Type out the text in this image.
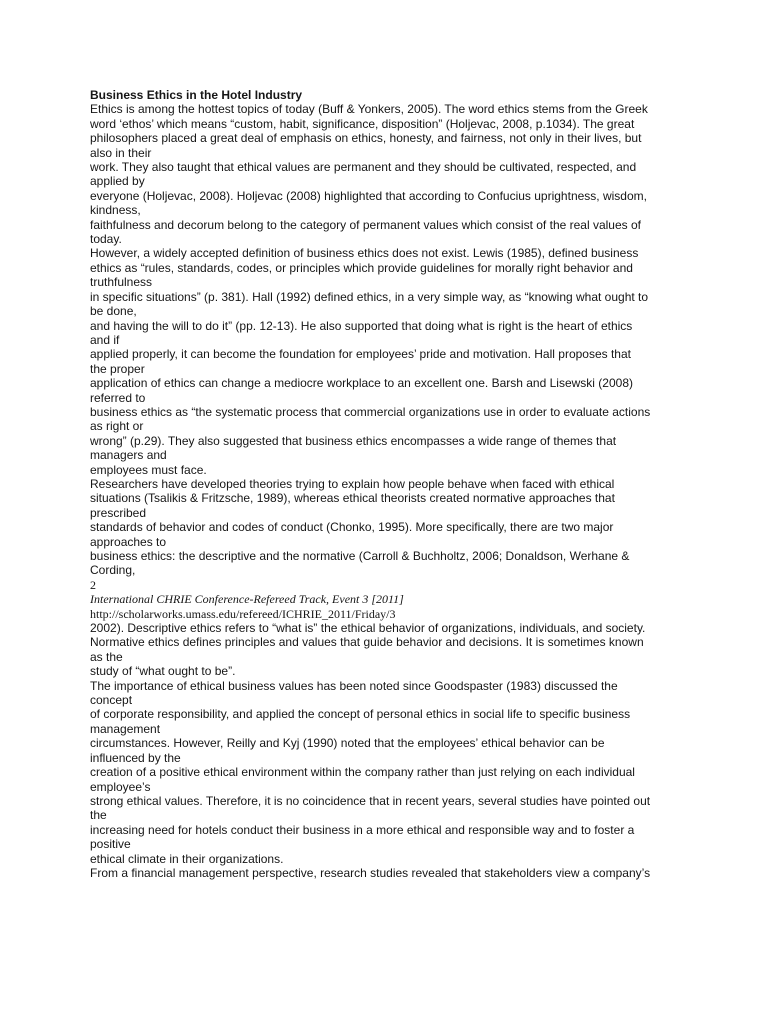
Business Ethics in the Hotel Industry

Ethics is among the hottest topics of today (Buff & Yonkers, 2005). The word ethics stems from the Greek

word ‘ethos’ which means “custom, habit, significance, disposition” (Holjevac, 2008, p.1034). The great

philosophers placed a great deal of emphasis on ethics, honesty, and fairness, not only in their lives, but

also in their

work. They also taught that ethical values are permanent and they should be cultivated, respected, and

applied by

everyone (Holjevac, 2008). Holjevac (2008) highlighted that according to Confucius uprightness, wisdom,

kindness,

faithfulness and decorum belong to the category of permanent values which consist of the real values of

today.

However, a widely accepted definition of business ethics does not exist. Lewis (1985), defined business

ethics as “rules, standards, codes, or principles which provide guidelines for morally right behavior and

truthfulness

in specific situations” (p. 381). Hall (1992) defined ethics, in a very simple way, as “knowing what ought to

be done,

and having the will to do it” (pp. 12-13). He also supported that doing what is right is the heart of ethics

and if

applied properly, it can become the foundation for employees’ pride and motivation. Hall proposes that

the proper

application of ethics can change a mediocre workplace to an excellent one. Barsh and Lisewski (2008)

referred to

business ethics as “the systematic process that commercial organizations use in order to evaluate actions

as right or

wrong” (p.29). They also suggested that business ethics encompasses a wide range of themes that

managers and

employees must face.

Researchers have developed theories trying to explain how people behave when faced with ethical

situations (Tsalikis & Fritzsche, 1989), whereas ethical theorists created normative approaches that

prescribed

standards of behavior and codes of conduct (Chonko, 1995). More specifically, there are two major

approaches to

business ethics: the descriptive and the normative (Carroll & Buchholtz, 2006; Donaldson, Werhane &

Cording,

2

International CHRIE Conference-Refereed Track, Event 3 [2011]

http://scholarworks.umass.edu/refereed/ICHRIE_2011/Friday/3

2002). Descriptive ethics refers to “what is” the ethical behavior of organizations, individuals, and society.

Normative ethics defines principles and values that guide behavior and decisions. It is sometimes known

as the

study of “what ought to be”.

The importance of ethical business values has been noted since Goodspaster (1983) discussed the

concept

of corporate responsibility, and applied the concept of personal ethics in social life to specific business

management

circumstances. However, Reilly and Kyj (1990) noted that the employees’ ethical behavior can be

influenced by the

creation of a positive ethical environment within the company rather than just relying on each individual

employee’s

strong ethical values. Therefore, it is no coincidence that in recent years, several studies have pointed out

the

increasing need for hotels conduct their business in a more ethical and responsible way and to foster a

positive

ethical climate in their organizations.

From a financial management perspective, research studies revealed that stakeholders view a company’s
